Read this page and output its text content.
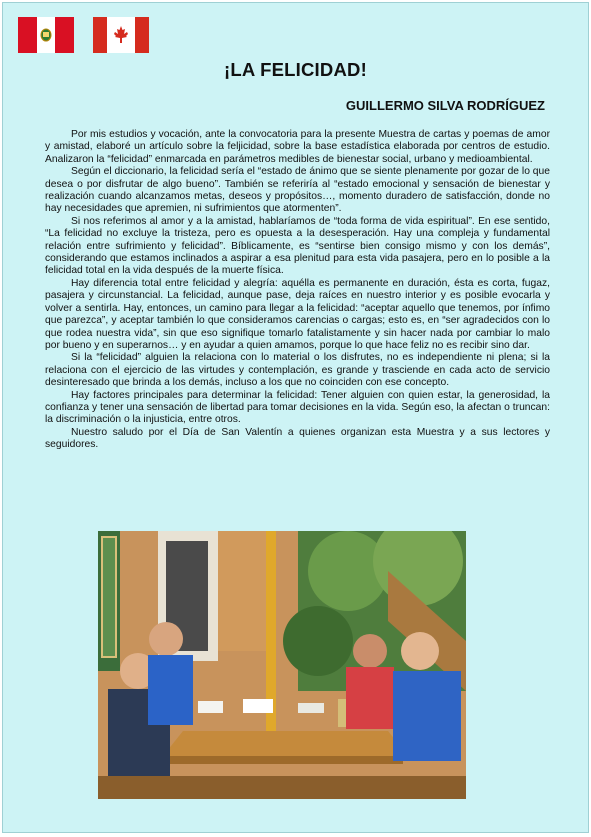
¡LA FELICIDAD!
GUILLERMO SILVA RODRÍGUEZ

Por mis estudios y vocación, ante la convocatoria para la presente Muestra de cartas y poemas de amor y amistad, elaboré un artículo sobre la feljicidad, sobre la base estadística elaborada por centros de estudio. Analizaron la “felicidad” enmarcada en parámetros medibles de bienestar social, urbano y medioambiental.

Según el diccionario, la felicidad sería el “estado de ánimo que se siente plenamente por gozar de lo que desea o por disfrutar de algo bueno”. También se referiría al “estado emocional y sensación de bienestar y realización cuando alcanzamos metas, deseos y propósitos…, momento duradero de satisfacción, donde no hay necesidades que apremien, ni sufrimientos que atormenten”.

Si nos referimos al amor y a la amistad, hablaríamos de “toda forma de vida espiritual”. En ese sentido, “La felicidad no excluye la tristeza, pero es opuesta a la desesperación. Hay una compleja y fundamental relación entre sufrimiento y felicidad”. Bíblicamente, es “sentirse bien consigo mismo y con los demás”, considerando que estamos inclinados a aspirar a esa plenitud para esta vida pasajera, pero en lo posible a la felicidad total en la vida después de la muerte física.

Hay diferencia total entre felicidad y alegría: aquélla es permanente en duración, ésta es corta, fugaz, pasajera y circunstancial. La felicidad, aunque pase, deja raíces en nuestro interior y es posible evocarla y volver a sentirla. Hay, entonces, un camino para llegar a la felicidad: “aceptar aquello que tenemos, por ínfimo que parezca”, y aceptar también lo que consideramos carencias o cargas; esto es, en “ser agradecidos con lo que rodea nuestra vida”, sin que eso signifique tomarlo fatalistamente y sin hacer nada por cambiar lo malo por bueno y en superarnos… y en ayudar a quien amamos, porque lo que hace feliz no es recibir sino dar.

Si la “felicidad” alguien la relaciona con lo material o los disfrutes, no es independiente ni plena; si la relaciona con el ejercicio de las virtudes y contemplación, es grande y trasciende en cada acto de servicio desinteresado que brinda a los demás, incluso a los que no coinciden con ese concepto.

Hay factores principales para determinar la felicidad: Tener alguien con quien estar, la generosidad, la confianza y tener una sensación de libertad para tomar decisiones en la vida. Según eso, la afectan o truncan: la discriminación o la injusticia, entre otros.

Nuestro saludo por el Día de San Valentín a quienes organizan esta Muestra y a sus lectores y seguidores.
